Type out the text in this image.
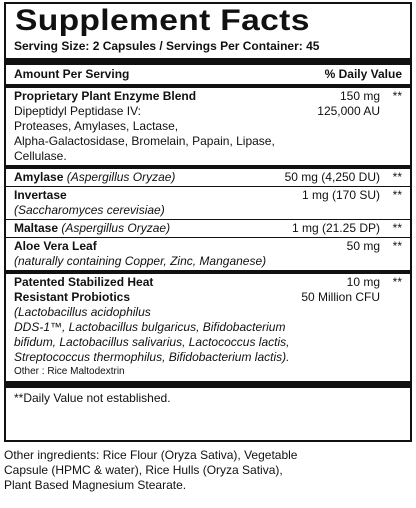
Supplement Facts
Serving Size: 2 Capsules / Servings Per Container: 45
Amount Per Serving	% Daily Value
Proprietary Plant Enzyme Blend	150 mg **
Dipeptidyl Peptidase IV:	125,000 AU
Proteases, Amylases, Lactase,
Alpha-Galactosidase, Bromelain, Papain, Lipase,
Cellulase.
Amylase (Aspergillus Oryzae)	50 mg (4,250 DU) **
Invertase	1 mg (170 SU) **
(Saccharomyces cerevisiae)
Maltase (Aspergillus Oryzae)	1 mg (21.25 DP) **
Aloe Vera Leaf	50 mg **
(naturally containing Copper, Zinc, Manganese)
Patented Stabilized Heat	10 mg **
Resistant Probiotics	50 Million CFU
(Lactobacillus acidophilus
DDS-1™, Lactobacillus bulgaricus, Bifidobacterium
bifidum, Lactobacillus salivarius, Lactococcus lactis,
Streptococcus thermophilus, Bifidobacterium lactis).
Other : Rice Maltodextrin
**Daily Value not established.
Other ingredients: Rice Flour (Oryza Sativa), Vegetable
Capsule (HPMC & water), Rice Hulls (Oryza Sativa),
Plant Based Magnesium Stearate.
